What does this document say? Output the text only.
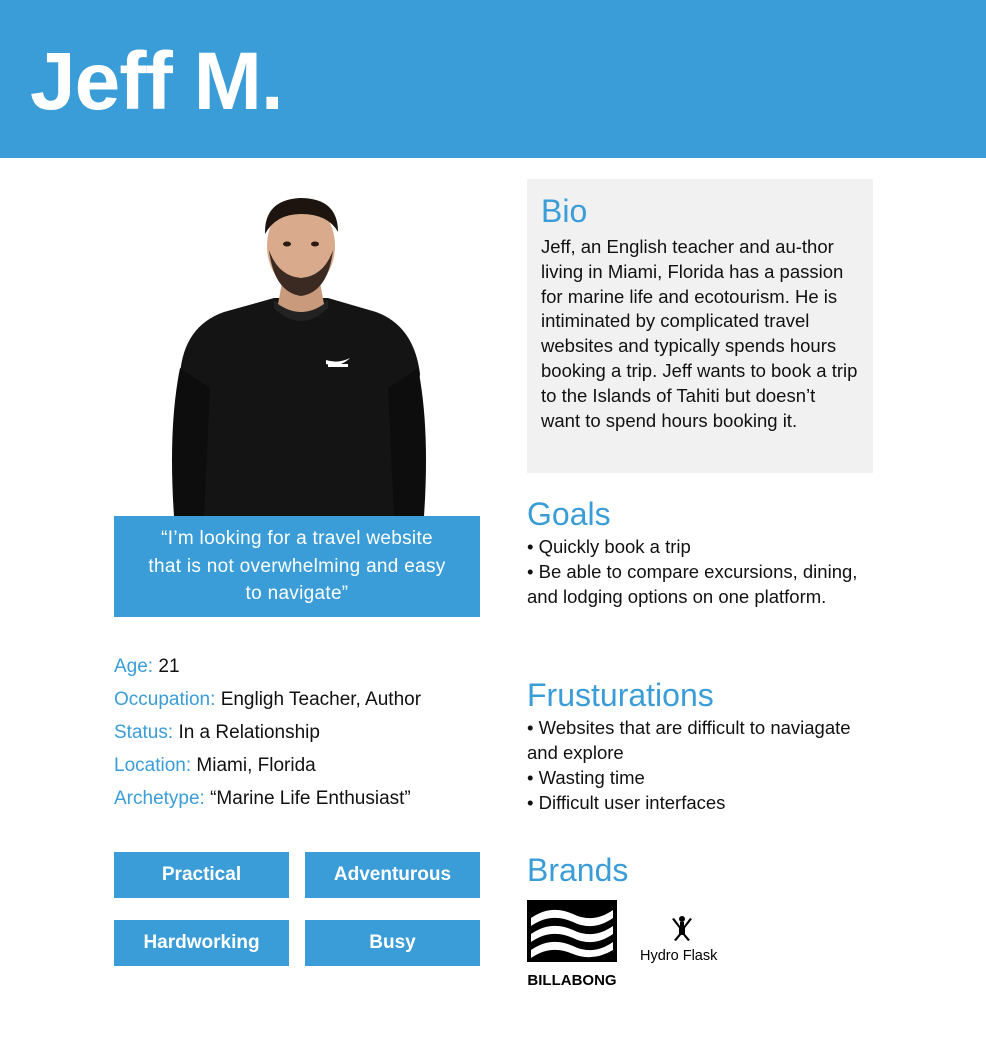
Jeff M.
“I’m looking for a travel website that is not overwhelming and easy to navigate”
Age: 21
Occupation: Engligh Teacher, Author
Status: In a Relationship
Location: Miami, Florida
Archetype: “Marine Life Enthusiast”
Practical	Adventurous
Hardworking	Busy
Bio

Jeff, an English teacher and au-thor living in Miami, Florida has a passion for marine life and ecotourism. He is intiminated by complicated travel websites and typically spends hours booking a trip. Jeff wants to book a trip to the Islands of Tahiti but doesn’t want to spend hours booking it.

Goals
• Quickly book a trip
• Be able to compare excursions, dining, and lodging options on one platform.
Frusturations
• Websites that are difficult to naviagate and explore
• Wasting time
• Difficult user interfaces
Brands
BILLABONG
Hydro Flask
